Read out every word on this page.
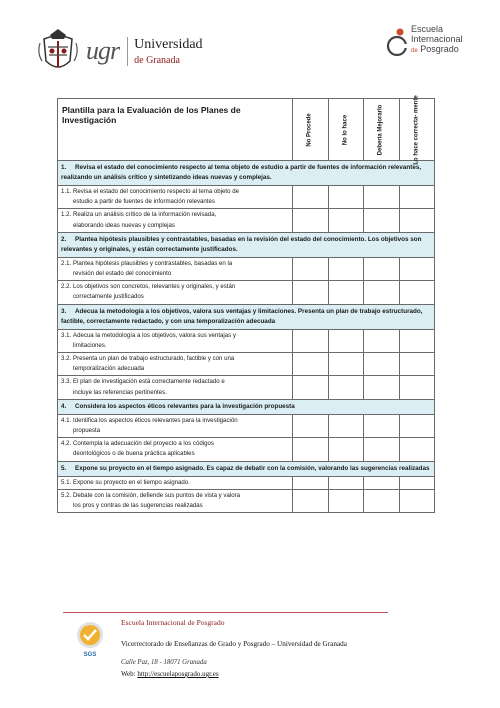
ugr Universidad
de Granada
Escuela
Internacional
de Posgrado
Plantilla para la Evaluación de los Planes de Investigación	No Procede	No lo hace	Debería Mejorarlo	Lo hace correcta- mente

1. Revisa el estado del conocimiento respecto al tema objeto de estudio a partir de fuentes de información relevantes, realizando un análisis crítico y sintetizando ideas nuevas y complejas.				
1.1. Revisa el estado del conocimiento respecto al tema objeto de
estudio a partir de fuentes de información relevantes				

1.2. Realiza un análisis crítico de la información revisada,
elaborando ideas nuevas y complejas				

2. Plantea hipótesis plausibles y contrastables, basadas en la revisión del estado del conocimiento. Los objetivos son relevantes y originales, y están correctamente justificados.				
2.1. Plantea hipótesis plausibles y contrastables, basadas en la
revisión del estado del conocimiento				

2.2. Los objetivos son concretos, relevantes y originales, y están
correctamente justificados				

3. Adecua la metodología a los objetivos, valora sus ventajas y limitaciones. Presenta un plan de trabajo estructurado, factible, correctamente redactado, y con una temporalización adecuada				
3.1. Adecua la metodología a los objetivos, valora sus ventajas y
limitaciones.				

3.2. Presenta un plan de trabajo estructurado, factible y con una
temporalización adecuada				

3.3. El plan de investigación está correctamente redactado e
incluye las referencias pertinentes.				

4. Considera los aspectos éticos relevantes para la investigación propuesta				
4.1. Identifica los aspectos éticos relevantes para la investigación
propuesta				

4.2. Contempla la adecuación del proyecto a los códigos
deontológicos o de buena práctica aplicables				

5. Expone su proyecto en el tiempo asignado. Es capaz de debatir con la comisión, valorando las sugerencias realizadas				
5.1. Expone su proyecto en el tiempo asignado.				
5.2. Debate con la comisión, defiende sus puntos de vista y valora
los pros y contras de las sugerencias realizadas				

SGS
Escuela Internacional de Posgrado
Vicerrectorado de Enseñanzas de Grado y Posgrado – Universidad de Granada
Calle Paz, 18 - 18071 Granada
Web: http://escuelaposgrado.ugr.es
